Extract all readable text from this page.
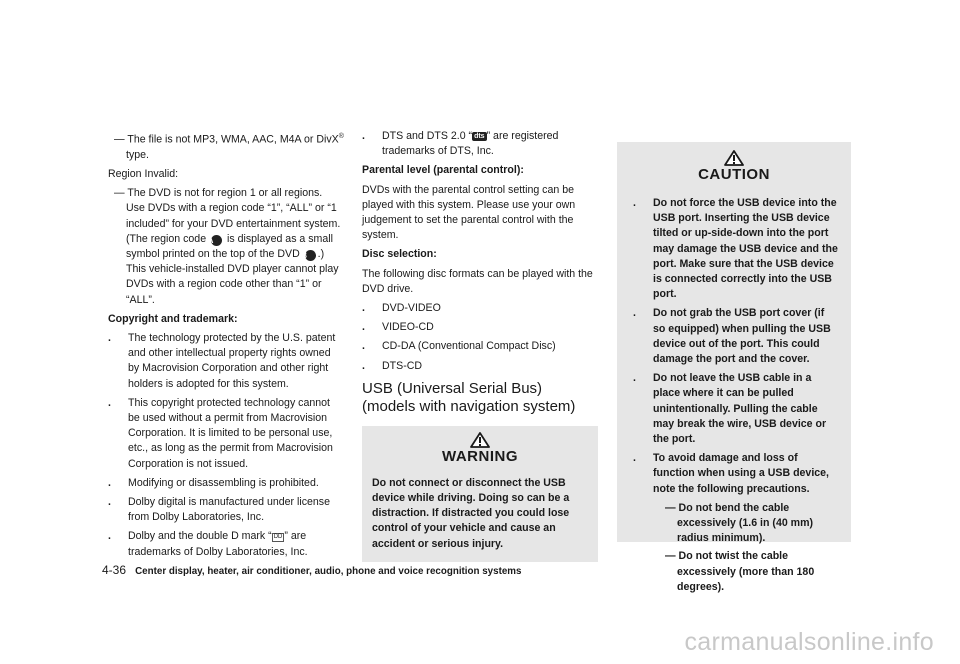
— The file is not MP3, WMA, AAC, M4A or DivX® type.

Region Invalid:

— The DVD is not for region 1 or all regions. Use DVDs with a region code “1”, “ALL” or “1 included” for your DVD entertainment system. (The region code A is displayed as a small symbol printed on the top of the DVD B .) This vehicle-installed DVD player cannot play DVDs with a region code other than “1” or “ALL”.

Copyright and trademark:

. The technology protected by the U.S. patent and other intellectual property rights owned by Macrovision Corporation and other right holders is adopted for this system.
. This copyright protected technology cannot be used without a permit from Macrovision Corporation. It is limited to be personal use, etc., as long as the permit from Macrovision Corporation is not issued.
. Modifying or disassembling is prohibited.
. Dolby digital is manufactured under license from Dolby Laboratories, Inc.
. Dolby and the double D mark “ DD ” are trademarks of Dolby Laboratories, Inc.
. DTS and DTS 2.0 “ dts ” are registered trademarks of DTS, Inc.

Parental level (parental control):

DVDs with the parental control setting can be played with this system. Please use your own judgement to set the parental control with the system.

Disc selection:

The following disc formats can be played with the DVD drive.

. DVD-VIDEO
. VIDEO-CD
. CD-DA (Conventional Compact Disc)
. DTS-CD

USB (Universal Serial Bus) (models with navigation system)

WARNING

Do not connect or disconnect the USB device while driving. Doing so can be a distraction. If distracted you could lose control of your vehicle and cause an accident or serious injury.

CAUTION
. Do not force the USB device into the USB port. Inserting the USB device tilted or up-side-down into the port may damage the USB device and the port. Make sure that the USB device is connected correctly into the USB port.
. Do not grab the USB port cover (if so equipped) when pulling the USB device out of the port. This could damage the port and the cover.
. Do not leave the USB cable in a place where it can be pulled unintentionally. Pulling the cable may break the wire, USB device or the port.
. To avoid damage and loss of function when using a USB device, note the following precautions.

— Do not bend the cable excessively (1.6 in (40 mm) radius minimum).

— Do not twist the cable excessively (more than 180 degrees).

4-36 Center display, heater, air conditioner, audio, phone and voice recognition systems
carmanualsonline.info
